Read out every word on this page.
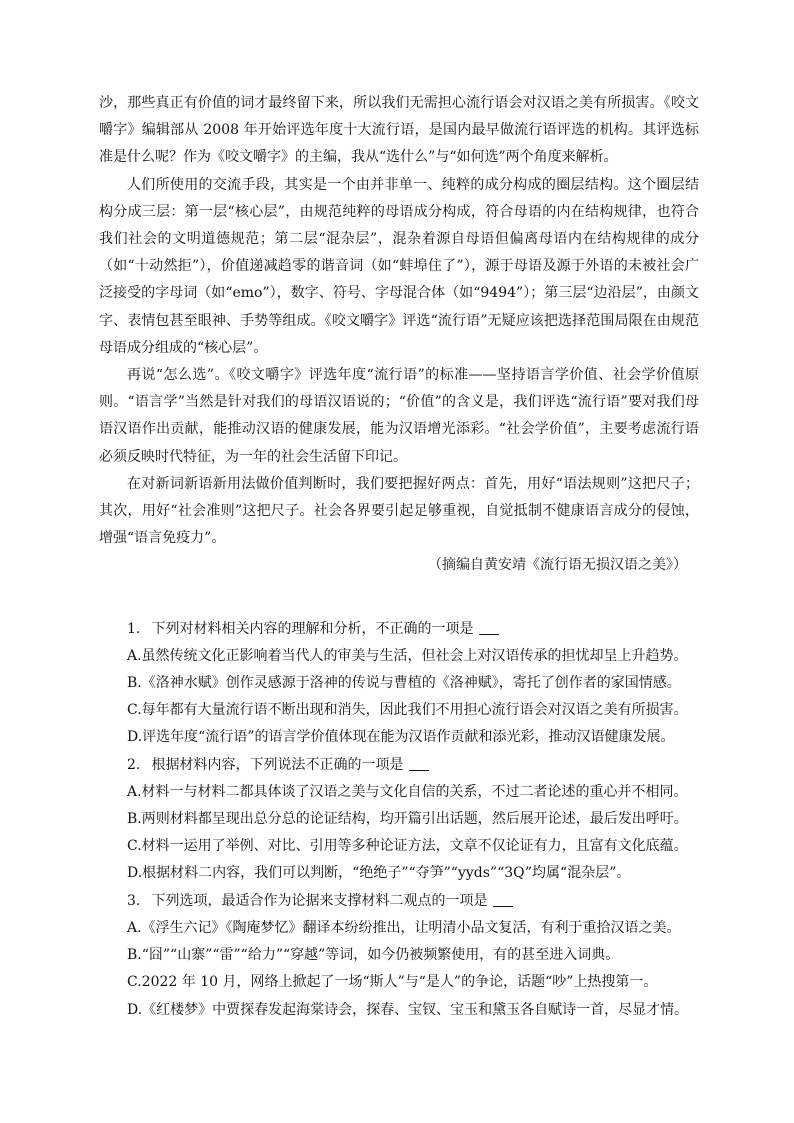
沙，那些真正有价值的词才最终留下来，所以我们无需担心流行语会对汉语之美有所损害。《咬文嚼字》编辑部从 2008 年开始评选年度十大流行语，是国内最早做流行语评选的机构。其评选标准是什么呢？作为《咬文嚼字》的主编，我从“选什么”与“如何选”两个角度来解析。

人们所使用的交流手段，其实是一个由并非单一、纯粹的成分构成的圈层结构。这个圈层结构分成三层：第一层“核心层”，由规范纯粹的母语成分构成，符合母语的内在结构规律，也符合我们社会的文明道德规范；第二层“混杂层”，混杂着源自母语但偏离母语内在结构规律的成分（如“十动然拒”），价值递减趋零的谐音词（如“蚌埠住了”），源于母语及源于外语的未被社会广泛接受的字母词（如“emo”），数字、符号、字母混合体（如“9494”）；第三层“边沿层”，由颜文字、表情包甚至眼神、手势等组成。《咬文嚼字》评选“流行语”无疑应该把选择范围局限在由规范母语成分组成的“核心层”。

再说“怎么选”。《咬文嚼字》评选年度“流行语”的标准——坚持语言学价值、社会学价值原则。“语言学”当然是针对我们的母语汉语说的；“价值”的含义是，我们评选“流行语”要对我们母语汉语作出贡献，能推动汉语的健康发展，能为汉语增光添彩。“社会学价值”，主要考虑流行语必须反映时代特征，为一年的社会生活留下印记。

在对新词新语新用法做价值判断时，我们要把握好两点：首先，用好“语法规则”这把尺子；其次，用好“社会准则”这把尺子。社会各界要引起足够重视，自觉抵制不健康语言成分的侵蚀，增强“语言免疫力”。

（摘编自黄安靖《流行语无损汉语之美》）

1. 下列对材料相关内容的理解和分析，不正确的一项是

A.虽然传统文化正影响着当代人的审美与生活，但社会上对汉语传承的担忧却呈上升趋势。

B.《洛神水赋》创作灵感源于洛神的传说与曹植的《洛神赋》，寄托了创作者的家国情感。

C.每年都有大量流行语不断出现和消失，因此我们不用担心流行语会对汉语之美有所损害。

D.评选年度“流行语”的语言学价值体现在能为汉语作贡献和添光彩，推动汉语健康发展。

2. 根据材料内容，下列说法不正确的一项是

A.材料一与材料二都具体谈了汉语之美与文化自信的关系，不过二者论述的重心并不相同。

B.两则材料都呈现出总分总的论证结构，均开篇引出话题，然后展开论述，最后发出呼吁。

C.材料一运用了举例、对比、引用等多种论证方法，文章不仅论证有力，且富有文化底蕴。

D.根据材料二内容，我们可以判断，“绝绝子”“夺笋”“yyds”“3Q”均属“混杂层”。

3. 下列选项，最适合作为论据来支撑材料二观点的一项是

A.《浮生六记》《陶庵梦忆》翻译本纷纷推出，让明清小品文复活，有利于重拾汉语之美。

B.“囧”“山寨”“雷”“给力”“穿越”等词，如今仍被频繁使用，有的甚至进入词典。

C.2022 年 10 月，网络上掀起了一场“斯人”与“是人”的争论，话题“吵”上热搜第一。

D.《红楼梦》中贾探春发起海棠诗会，探春、宝钗、宝玉和黛玉各自赋诗一首，尽显才情。
